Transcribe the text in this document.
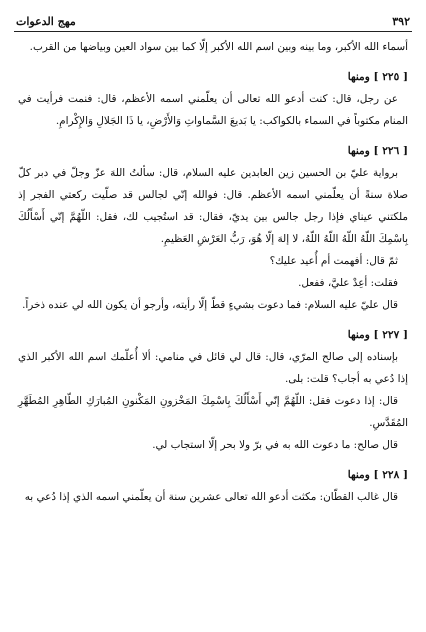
٣٩٢
مهج الدعوات

أسماء الله الأكبر، وما بينه وبين اسم الله الأكبر إلّا كما بين سواد العين وبياضها من القرب.

[ ٢٢٥ ] ومنها

عن رجل، قال: كنت أدعو الله تعالى أن يعلّمني اسمه الأعظم، قال: فنمت فرأيت في المنام مكتوباً في السماء بالكواكب: يا بَديعَ السَّماواتِ وَالأَرْضِ، يا ذَا الجَلالِ وَالإِكْرامِ.

[ ٢٢٦ ] ومنها

برواية عليّ بن الحسين زين العابدين عليه السلام، قال: سألتُ اللهَ عزّ وجلّ في دبر كلّ صلاة سنةً أن يعلّمني اسمه الأعظم. قال: فوالله إنّي لجالس قد صلّيت ركعتي الفجر إذ ملكتني عيناي فإذا رجل جالس بين يديّ، فقال: قد استُجيب لك، فقل: اللّهُمَّ إنّي أَسْأَلُكَ بِاسْمِكَ اللّهُ اللّهُ اللّهُ اللّهُ، لا إلهَ إلّا هُوَ، رَبُّ العَرْشِ العَظيمِ.

ثمّ قال: أفهمت أم أُعيد عليك؟

فقلت: أعِدْ عليَّ، ففعل.

قال عليّ عليه السلام: فما دعوت بشيءٍ قطّ إلّا رأيته، وأرجو أن يكون الله لي عنده ذخراً.

[ ٢٢٧ ] ومنها

بإسناده إلى صالح المرّي، قال: قال لي قائل في منامي: ألا أُعلّمك اسم الله الأكبر الذي إذا دُعي به أجاب؟ قلت: بلى.

قال: إذا دعوت فقل: اللّهُمَّ إنّي أَسْأَلُكَ بِاسْمِكَ المَخْزونِ المَكْنونِ المُبارَكِ الطّاهِرِ المُطَهَّرِ المُقَدَّسِ.

قال صالح: ما دعوت الله به في برّ ولا بحر إلّا استجاب لي.

[ ٢٢٨ ] ومنها

قال غالب القطّان: مكثت أدعو الله تعالى عشرين سنة أن يعلّمني اسمه الذي إذا دُعي به
